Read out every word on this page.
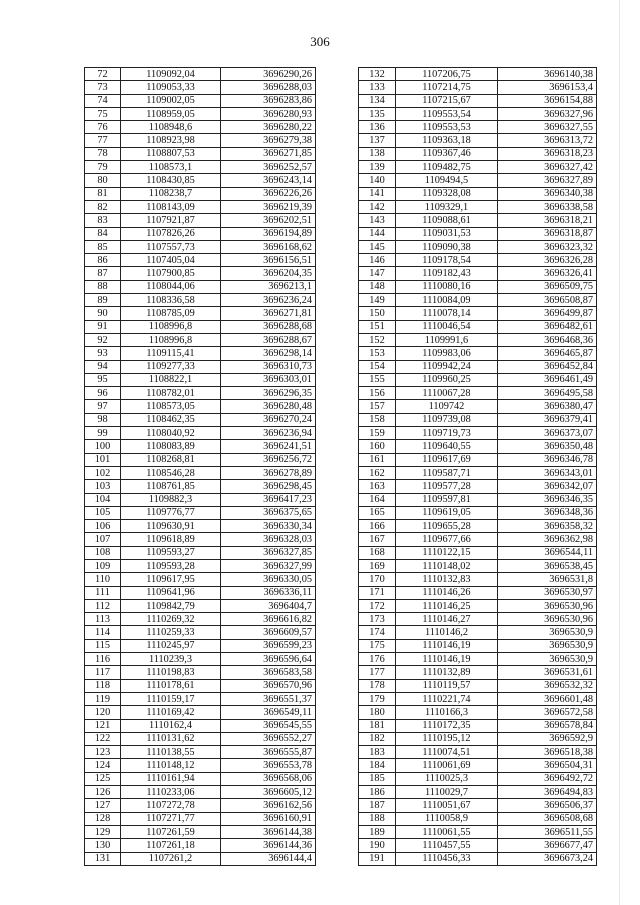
306
72	1109092,04	3696290,26
73	1109053,33	3696288,03
74	1109002,05	3696283,86
75	1108959,05	3696280,93
76	1108948,6	3696280,22
77	1108923,98	3696279,38
78	1108807,53	3696271,85
79	1108573,1	3696252,57
80	1108430,85	3696243,14
81	1108238,7	3696226,26
82	1108143,09	3696219,39
83	1107921,87	3696202,51
84	1107826,26	3696194,89
85	1107557,73	3696168,62
86	1107405,04	3696156,51
87	1107900,85	3696204,35
88	1108044,06	3696213,1
89	1108336,58	3696236,24
90	1108785,09	3696271,81
91	1108996,8	3696288,68
92	1108996,8	3696288,67
93	1109115,41	3696298,14
94	1109277,33	3696310,73
95	1108822,1	3696303,01
96	1108782,01	3696296,35
97	1108573,05	3696280,48
98	1108462,35	3696270,24
99	1108040,92	3696236,94
100	1108083,89	3696241,51
101	1108268,81	3696256,72
102	1108546,28	3696278,89
103	1108761,85	3696298,45
104	1109882,3	3696417,23
105	1109776,77	3696375,65
106	1109630,91	3696330,34
107	1109618,89	3696328,03
108	1109593,27	3696327,85
109	1109593,28	3696327,99
110	1109617,95	3696330,05
111	1109641,96	3696336,11
112	1109842,79	3696404,7
113	1110269,32	3696616,82
114	1110259,33	3696609,57
115	1110245,97	3696599,23
116	1110239,3	3696596,64
117	1110198,83	3696583,58
118	1110178,61	3696570,96
119	1110159,17	3696551,37
120	1110169,42	3696549,11
121	1110162,4	3696545,55
122	1110131,62	3696552,27
123	1110138,55	3696555,87
124	1110148,12	3696553,78
125	1110161,94	3696568,06
126	1110233,06	3696605,12
127	1107272,78	3696162,56
128	1107271,77	3696160,91
129	1107261,59	3696144,38
130	1107261,18	3696144,36
131	1107261,2	3696144,4
132	1107206,75	3696140,38
133	1107214,75	3696153,4
134	1107215,67	3696154,88
135	1109553,54	3696327,96
136	1109553,53	3696327,55
137	1109363,18	3696313,72
138	1109367,46	3696318,23
139	1109482,75	3696327,42
140	1109494,5	3696327,89
141	1109328,08	3696340,38
142	1109329,1	3696338,58
143	1109088,61	3696318,21
144	1109031,53	3696318,87
145	1109090,38	3696323,32
146	1109178,54	3696326,28
147	1109182,43	3696326,41
148	1110080,16	3696509,75
149	1110084,09	3696508,87
150	1110078,14	3696499,87
151	1110046,54	3696482,61
152	1109991,6	3696468,36
153	1109983,06	3696465,87
154	1109942,24	3696452,84
155	1109960,25	3696461,49
156	1110067,28	3696495,58
157	1109742	3696380,47
158	1109739,08	3696379,41
159	1109719,73	3696373,07
160	1109640,55	3696350,48
161	1109617,69	3696346,78
162	1109587,71	3696343,01
163	1109577,28	3696342,07
164	1109597,81	3696346,35
165	1109619,05	3696348,36
166	1109655,28	3696358,32
167	1109677,66	3696362,98
168	1110122,15	3696544,11
169	1110148,02	3696538,45
170	1110132,83	3696531,8
171	1110146,26	3696530,97
172	1110146,25	3696530,96
173	1110146,27	3696530,96
174	1110146,2	3696530,9
175	1110146,19	3696530,9
176	1110146,19	3696530,9
177	1110132,89	3696531,61
178	1110119,57	3696532,32
179	1110221,74	3696601,48
180	1110166,3	3696572,58
181	1110172,35	3696578,84
182	1110195,12	3696592,9
183	1110074,51	3696518,38
184	1110061,69	3696504,31
185	1110025,3	3696492,72
186	1110029,7	3696494,83
187	1110051,67	3696506,37
188	1110058,9	3696508,68
189	1110061,55	3696511,55
190	1110457,55	3696677,47
191	1110456,33	3696673,24
